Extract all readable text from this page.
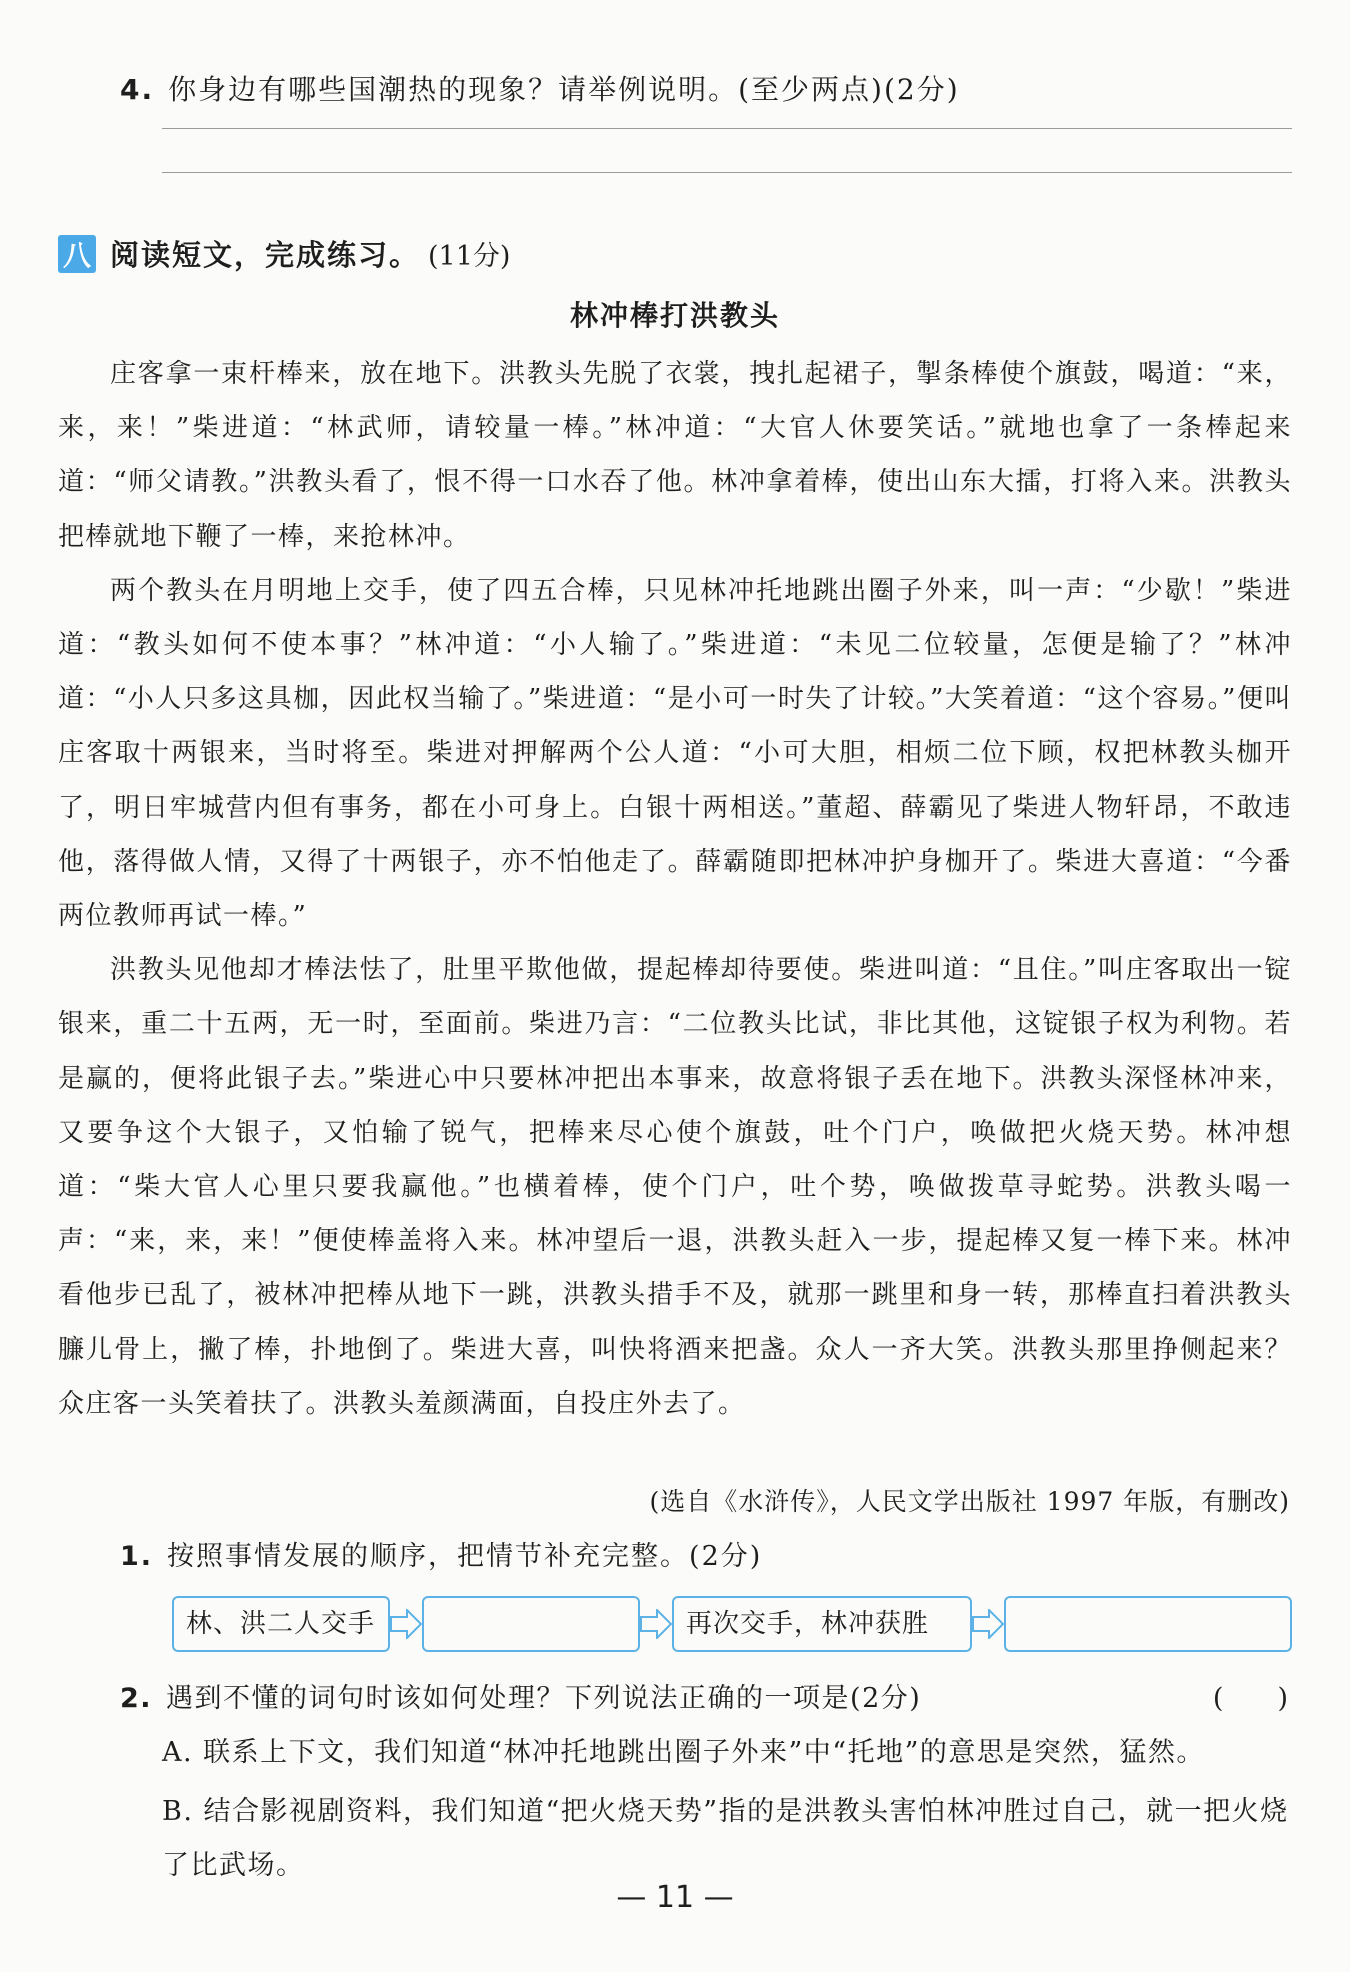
4. 你身边有哪些国潮热的现象？请举例说明。(至少两点)(2分)
八 阅读短文，完成练习。 (11分)
林冲棒打洪教头

庄客拿一束杆棒来，放在地下。洪教头先脱了衣裳，拽扎起裙子，掣条棒使个旗鼓，喝道：“来，来，来！”柴进道：“林武师，请较量一棒。”林冲道：“大官人休要笑话。”就地也拿了一条棒起来道：“师父请教。”洪教头看了，恨不得一口水吞了他。林冲拿着棒，使出山东大擂，打将入来。洪教头把棒就地下鞭了一棒，来抢林冲。

两个教头在月明地上交手，使了四五合棒，只见林冲托地跳出圈子外来，叫一声：“少歇！”柴进道：“教头如何不使本事？”林冲道：“小人输了。”柴进道：“未见二位较量，怎便是输了？”林冲道：“小人只多这具枷，因此权当输了。”柴进道：“是小可一时失了计较。”大笑着道：“这个容易。”便叫庄客取十两银来，当时将至。柴进对押解两个公人道：“小可大胆，相烦二位下顾，权把林教头枷开了，明日牢城营内但有事务，都在小可身上。白银十两相送。”董超、薛霸见了柴进人物轩昂，不敢违他，落得做人情，又得了十两银子，亦不怕他走了。薛霸随即把林冲护身枷开了。柴进大喜道：“今番两位教师再试一棒。”

洪教头见他却才棒法怯了，肚里平欺他做，提起棒却待要使。柴进叫道：“且住。”叫庄客取出一锭银来，重二十五两，无一时，至面前。柴进乃言：“二位教头比试，非比其他，这锭银子权为利物。若是赢的，便将此银子去。”柴进心中只要林冲把出本事来，故意将银子丢在地下。洪教头深怪林冲来，又要争这个大银子，又怕输了锐气，把棒来尽心使个旗鼓，吐个门户，唤做把火烧天势。林冲想道：“柴大官人心里只要我赢他。”也横着棒，使个门户，吐个势，唤做拨草寻蛇势。洪教头喝一声：“来，来，来！”便使棒盖将入来。林冲望后一退，洪教头赶入一步，提起棒又复一棒下来。林冲看他步已乱了，被林冲把棒从地下一跳，洪教头措手不及，就那一跳里和身一转，那棒直扫着洪教头臁儿骨上，撇了棒，扑地倒了。柴进大喜，叫快将酒来把盏。众人一齐大笑。洪教头那里挣侧起来？众庄客一头笑着扶了。洪教头羞颜满面，自投庄外去了。

(选自《水浒传》，人民文学出版社 1997 年版，有删改)
1. 按照事情发展的顺序，把情节补充完整。(2分)
林、洪二人交手	再次交手，林冲获胜
2. 遇到不懂的词句时该如何处理？下列说法正确的一项是(2分)	(　　)
A. 联系上下文，我们知道“林冲托地跳出圈子外来”中“托地”的意思是突然，猛然。
B. 结合影视剧资料，我们知道“把火烧天势”指的是洪教头害怕林冲胜过自己，就一把火烧了比武场。
— 11 —
